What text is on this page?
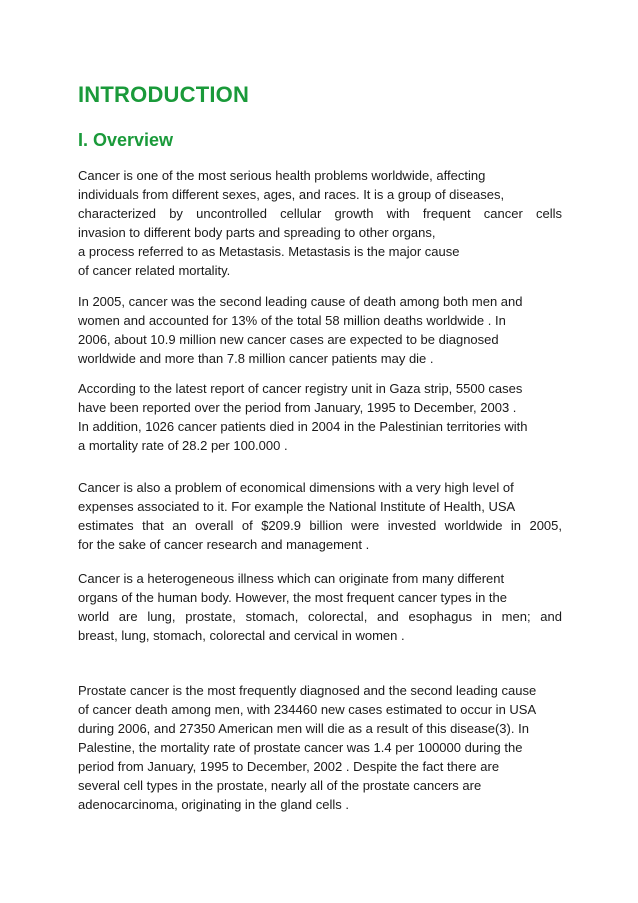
INTRODUCTION
I. Overview
Cancer is one of the most serious health problems worldwide, affecting
individuals from different sexes, ages, and races. It is a group of diseases,
characterized by uncontrolled cellular growth with frequent cancer cells
invasion to different body parts and spreading to other organs,
a process referred to as Metastasis. Metastasis is the major cause
of cancer related mortality.
In 2005, cancer was the second leading cause of death among both men and
women and accounted for 13% of the total 58 million deaths worldwide . In
2006, about 10.9 million new cancer cases are expected to be diagnosed
worldwide and more than 7.8 million cancer patients may die .
According to the latest report of cancer registry unit in Gaza strip, 5500 cases
have been reported over the period from January, 1995 to December, 2003 .
In addition, 1026 cancer patients died in 2004 in the Palestinian territories with
a mortality rate of 28.2 per 100.000 .
Cancer is also a problem of economical dimensions with a very high level of
expenses associated to it. For example the National Institute of Health, USA
estimates that an overall of $209.9 billion were invested worldwide in 2005,
for the sake of cancer research and management .
Cancer is a heterogeneous illness which can originate from many different
organs of the human body. However, the most frequent cancer types in the
world are lung, prostate, stomach, colorectal, and esophagus in men; and
breast, lung, stomach, colorectal and cervical in women .
Prostate cancer is the most frequently diagnosed and the second leading cause
of cancer death among men, with 234460 new cases estimated to occur in USA
during 2006, and 27350 American men will die as a result of this disease(3). In
Palestine, the mortality rate of prostate cancer was 1.4 per 100000 during the
period from January, 1995 to December, 2002 . Despite the fact there are
several cell types in the prostate, nearly all of the prostate cancers are
adenocarcinoma, originating in the gland cells .
